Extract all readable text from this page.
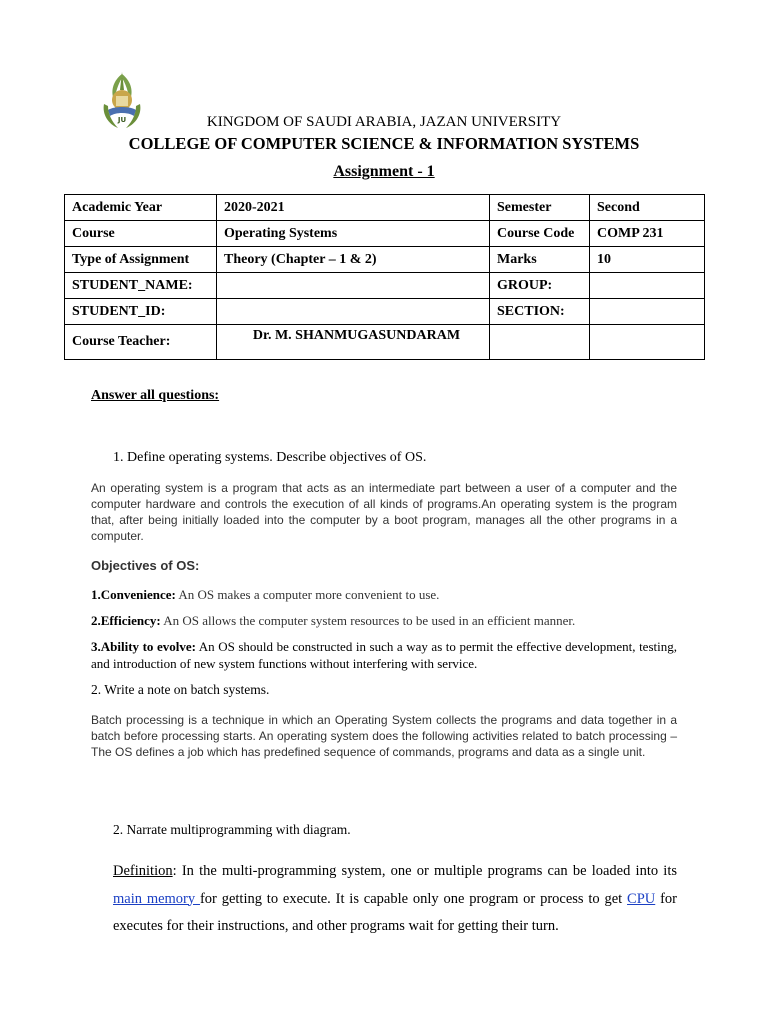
JU	KINGDOM OF SAUDI ARABIA, JAZAN UNIVERSITY
COLLEGE OF COMPUTER SCIENCE & INFORMATION SYSTEMS
Assignment - 1
Academic Year	2020-2021	Semester	Second
Course	Operating Systems	Course Code	COMP 231
Type of Assignment	Theory (Chapter – 1 & 2)	Marks	10
STUDENT_NAME:		GROUP:	
STUDENT_ID:		SECTION:	
Course Teacher:	Dr. M. SHANMUGASUNDARAM		
Answer all questions:
1. Define operating systems. Describe objectives of OS.
An operating system is a program that acts as an intermediate part between a user of a computer and the computer hardware and controls the execution of all kinds of programs.An operating system is the program that, after being initially loaded into the computer by a boot program, manages all the other programs in a computer.
Objectives of OS:
1.Convenience: An OS makes a computer more convenient to use.
2.Efficiency: An OS allows the computer system resources to be used in an efficient manner.
3.Ability to evolve: An OS should be constructed in such a way as to permit the effective development, testing, and introduction of new system functions without interfering with service.
2. Write a note on batch systems.
Batch processing is a technique in which an Operating System collects the programs and data together in a batch before processing starts. An operating system does the following activities related to batch processing – The OS defines a job which has predefined sequence of commands, programs and data as a single unit.
2. Narrate multiprogramming with diagram.
Definition: In the multi-programming system, one or multiple programs can be loaded into its main memory for getting to execute. It is capable only one program or process to get CPU for executes for their instructions, and other programs wait for getting their turn.
